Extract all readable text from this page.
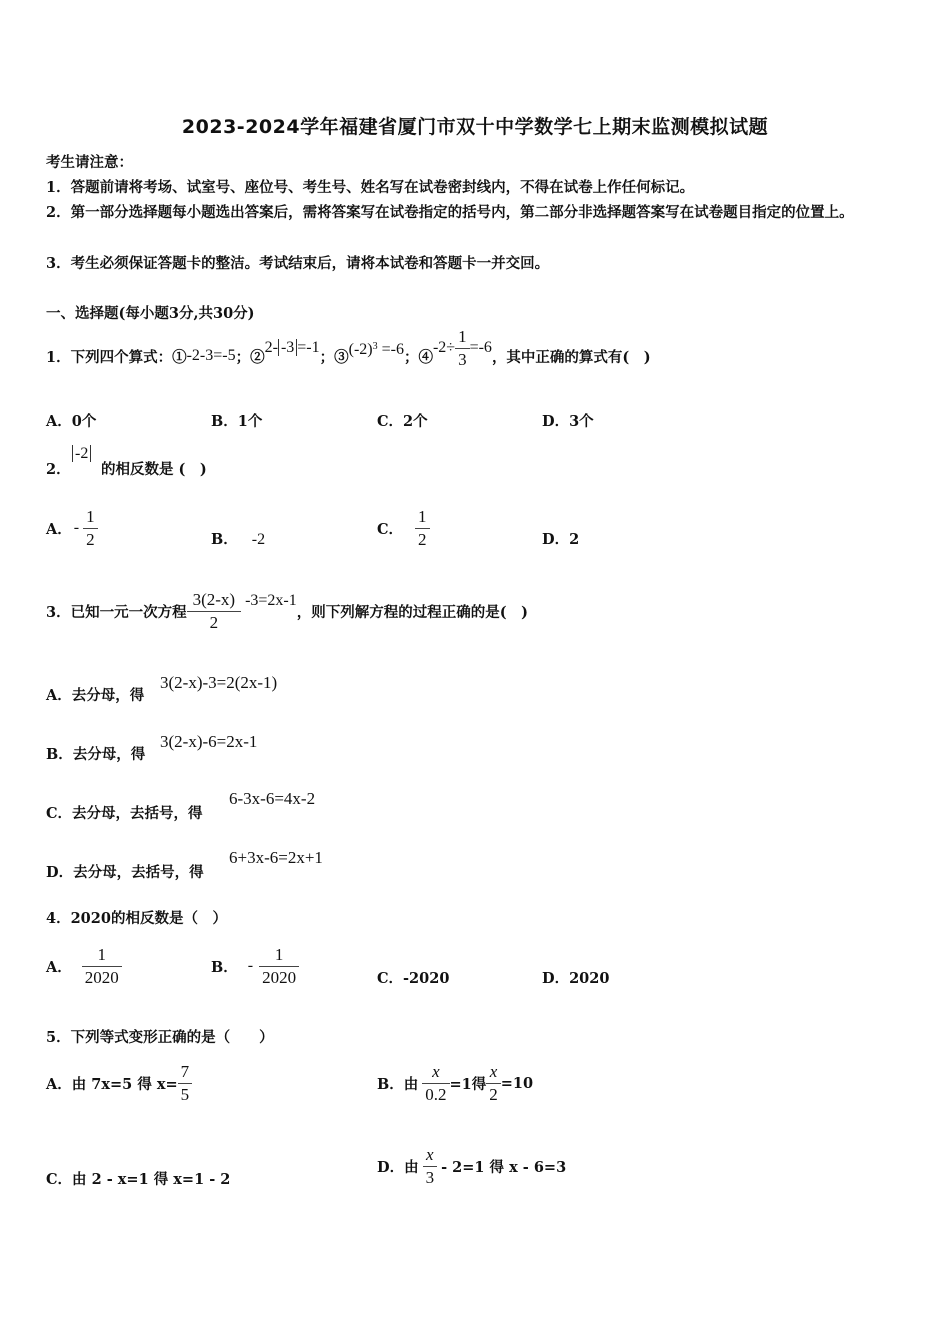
2023-2024学年福建省厦门市双十中学数学七上期末监测模拟试题
考生请注意：
1．答题前请将考场、试室号、座位号、考生号、姓名写在试卷密封线内，不得在试卷上作任何标记。
2．第一部分选择题每小题选出答案后，需将答案写在试卷指定的括号内，第二部分非选择题答案写在试卷题目指定的位置上。
3．考生必须保证答题卡的整洁。考试结束后，请将本试卷和答题卡一并交回。
一、选择题(每小题3分,共30分)
1．下列四个算式：① -2-3=-5 ；②
2- -3 =-1
；③ $(-2)^3 =-6$ ；④
$-2\div \frac{1}{3} =-6$
，其中正确的算式有(　)
A．0个	B．1个	C．2个	D．3个
2．
-2
的相反数是 (　)
A． - $\frac{1}{2}$	B． -2
C． $\frac{1}{2}$	D．2
3．已知一元一次方程 $\frac{3(2-x)}{2} -3=2x-1$
，则下列解方程的过程正确的是(　)
A．去分母，得
3(2-x)-3=2(2x-1)
B．去分母，得
3(2-x)-6=2x-1
C．去分母，去括号，得
6-3x-6=4x-2
D．去分母，去括号，得
6+3x-6=2x+1
4．2020的相反数是（　）
A． $\frac{1}{2020}$	B． - $\frac{1}{2020}$	C．-2020	D．2020
5．下列等式变形正确的是（　　）
A．由 7x=5 得 $x= \frac{7}{5}$	B．由 $\frac{x}{0.2} =1$得 $\frac{x}{2} =10$
C．由 2 - x=1 得 x=1 - 2
D．由 $\frac{x}{3} - 2=1$ 得 x - 6=3
